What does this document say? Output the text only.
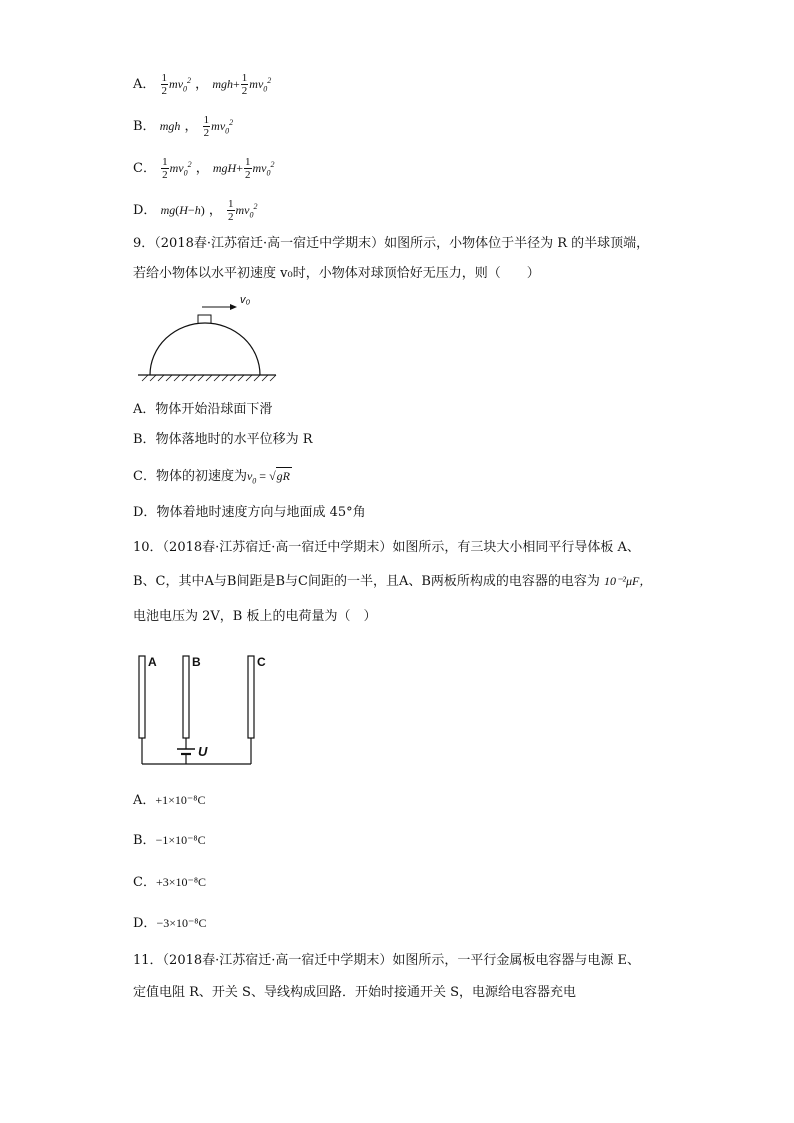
A． $\frac{1}{2} mv_0^2$ ， $mgh+ \frac{1}{2} mv_0^2$
B． mgh ， $\frac{1}{2} mv_0^2$
C． $\frac{1}{2} mv_0^2$ ， $mgH+ \frac{1}{2} mv_0^2$
D． mg(H−h) ， $\frac{1}{2} mv_0^2$
9．（2018春·江苏宿迁·高一宿迁中学期末）如图所示，小物体位于半径为 R 的半球顶端，
若给小物体以水平初速度 v₀时，小物体对球顶恰好无压力，则（　　）
v₀
A．物体开始沿球面下滑
B．物体落地时的水平位移为 R
C．物体的初速度为$v_0 = √gR$
D．物体着地时速度方向与地面成 45°角
10．（2018春·江苏宿迁·高一宿迁中学期末）如图所示，有三块大小相同平行导体板 A、
B、C，其中A与B间距是B与C间距的一半，且A、B两板所构成的电容器的电容为 10⁻²μF，
电池电压为 2V，B 板上的电荷量为（　）
A	B	C
U
A．+1×10⁻⁸C
B．−1×10⁻⁸C
C．+3×10⁻⁸C
D．−3×10⁻⁸C
11．（2018春·江苏宿迁·高一宿迁中学期末）如图所示，一平行金属板电容器与电源 E、
定值电阻 R、开关 S、导线构成回路．开始时接通开关 S，电源给电容器充电
